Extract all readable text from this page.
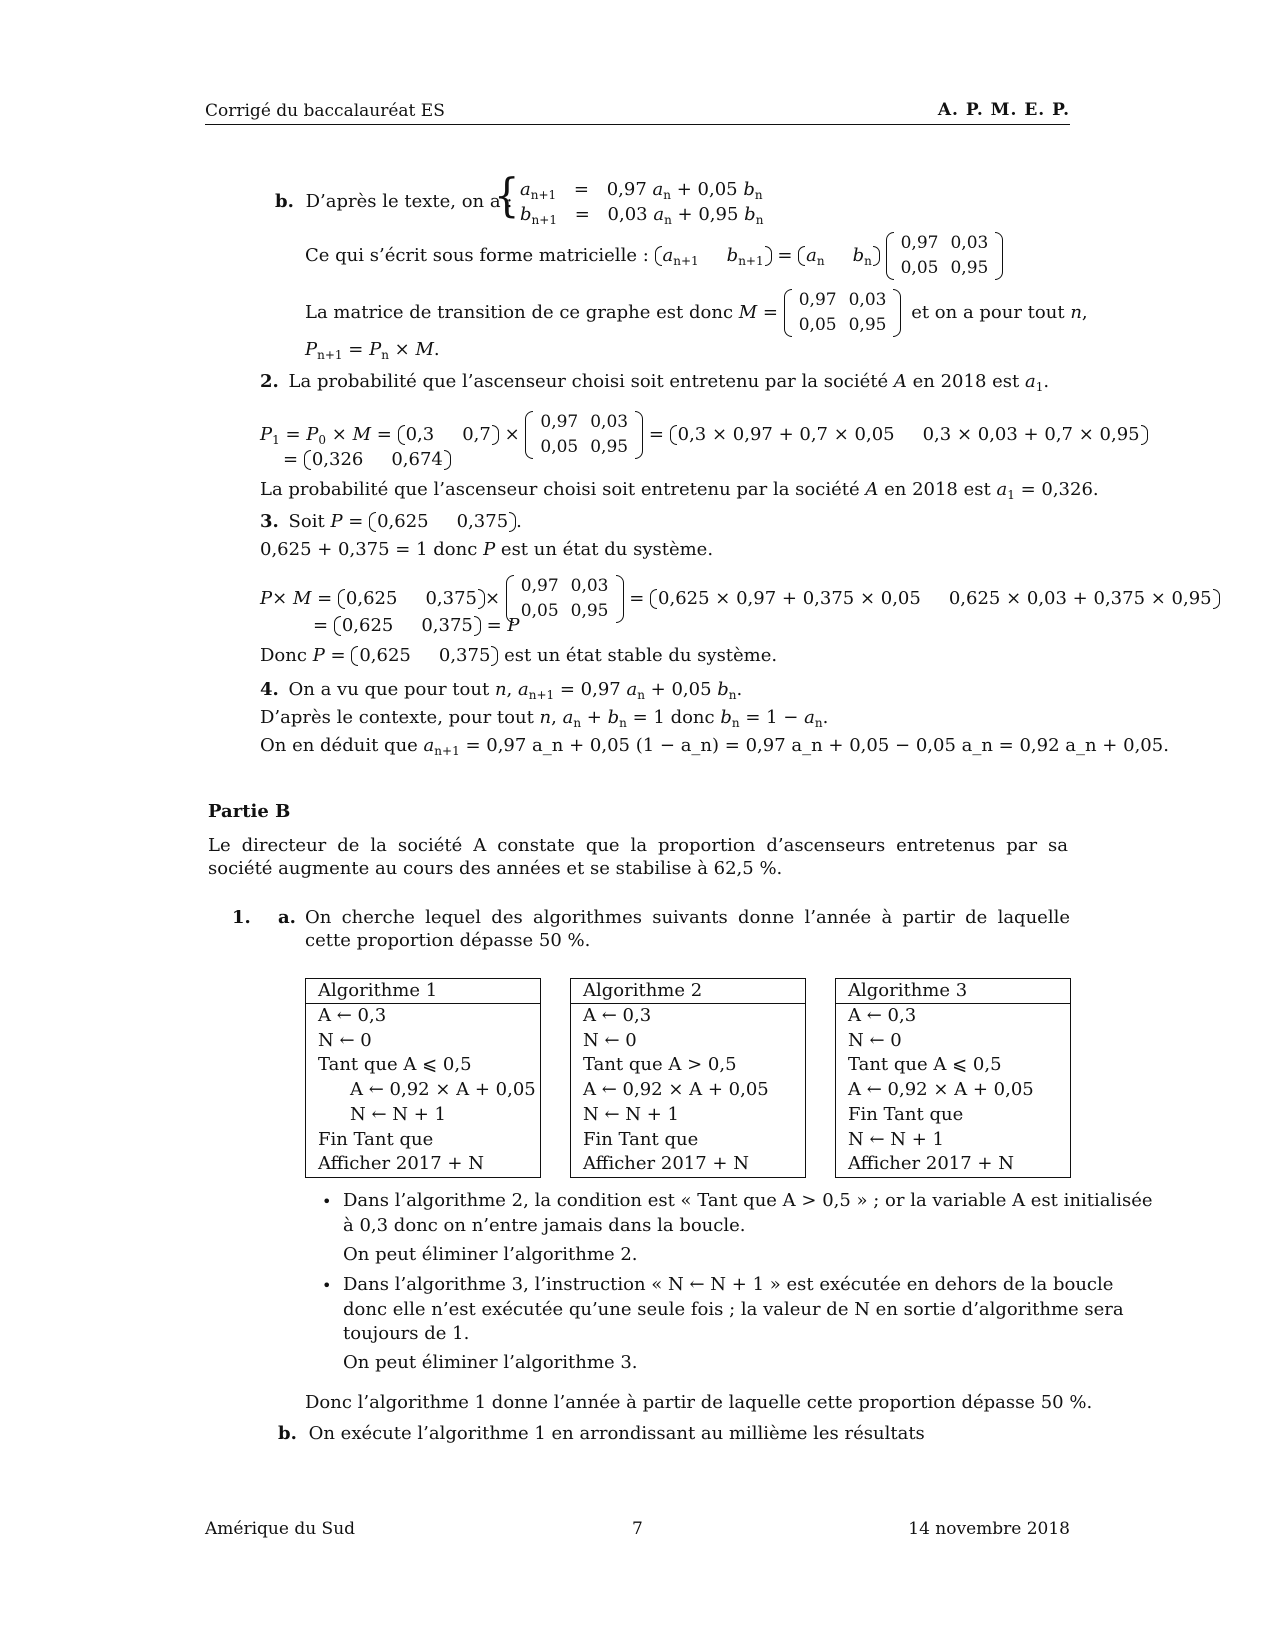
Corrigé du baccalauréat ES	A. P. M. E. P.
b. D’après le texte, on a :
{ $a_{n+1} = 0,97$ $a_n + 0,05$ $b_n$
$b_{n+1} = 0,03$ $a_n + 0,95$ $b_n$
Ce qui s’écrit sous forme matricielle : $a_{n+1}$ $b_{n+1} = a_n$ $b_n$
0,97	0,03
0,05	0,95
La matrice de transition de ce graphe est donc M =
0,97	0,03
0,05	0,95
et on a pour tout n,
$P_{n+1} = P_n \times M$.
2. La probabilité que l’ascenseur choisi soit entretenu par la société A en 2018 est $a_1$.
$P_1 = P_0 \times M = 0,3$ 0,7 ×
0,97	0,03
0,05	0,95
= 0,3 × 0,97 + 0,7 × 0,05 0,3 × 0,03 + 0,7 × 0,95
= 0,326 0,674
La probabilité que l’ascenseur choisi soit entretenu par la société A en 2018 est $a_1 = 0,326$.
3. Soit P = 0,625 0,375 .
0,625 + 0,375 = 1 donc P est un état du système.
P× M = 0,625 0,375 ×
0,97	0,03
0,05	0,95
= 0,625 × 0,97 + 0,375 × 0,05 0,625 × 0,03 + 0,375 × 0,95
= 0,625 0,375 = P
Donc P = 0,625 0,375 est un état stable du système.
4. On a vu que pour tout n, $a_{n+1} = 0,97$ $a_n + 0,05$ $b_n$.
D’après le contexte, pour tout n, $a_n + b_n = 1$ donc $b_n = 1 - a_n$.
On en déduit que $a_{n+1} = 0,97$ a_n + 0,05 (1 − a_n) = 0,97 a_n + 0,05 − 0,05 a_n = 0,92 a_n + 0,05.
Partie B
Le directeur de la société A constate que la proportion d’ascenseurs entretenus par sa société augmente au cours des années et se stabilise à 62,5 %.
1. a. On cherche lequel des algorithmes suivants donne l’année à partir de laquelle cette proportion dépasse 50 %.
Algorithme 1
A ← 0,3
N ← 0
Tant que A ⩽ 0,5
A ← 0,92 × A + 0,05
N ← N + 1
Fin Tant que
Afficher 2017 + N
Algorithme 2
A ← 0,3
N ← 0
Tant que A > 0,5
A ← 0,92 × A + 0,05
N ← N + 1
Fin Tant que
Afficher 2017 + N
Algorithme 3
A ← 0,3
N ← 0
Tant que A ⩽ 0,5
A ← 0,92 × A + 0,05
Fin Tant que
N ← N + 1
Afficher 2017 + N
• Dans l’algorithme 2, la condition est « Tant que A > 0,5 » ; or la variable A est initialisée
à 0,3 donc on n’entre jamais dans la boucle.
On peut éliminer l’algorithme 2.
• Dans l’algorithme 3, l’instruction « N ← N + 1 » est exécutée en dehors de la boucle
donc elle n’est exécutée qu’une seule fois ; la valeur de N en sortie d’algorithme sera
toujours de 1.
On peut éliminer l’algorithme 3.
Donc l’algorithme 1 donne l’année à partir de laquelle cette proportion dépasse 50 %.
b. On exécute l’algorithme 1 en arrondissant au millième les résultats
Amérique du Sud	7	14 novembre 2018
